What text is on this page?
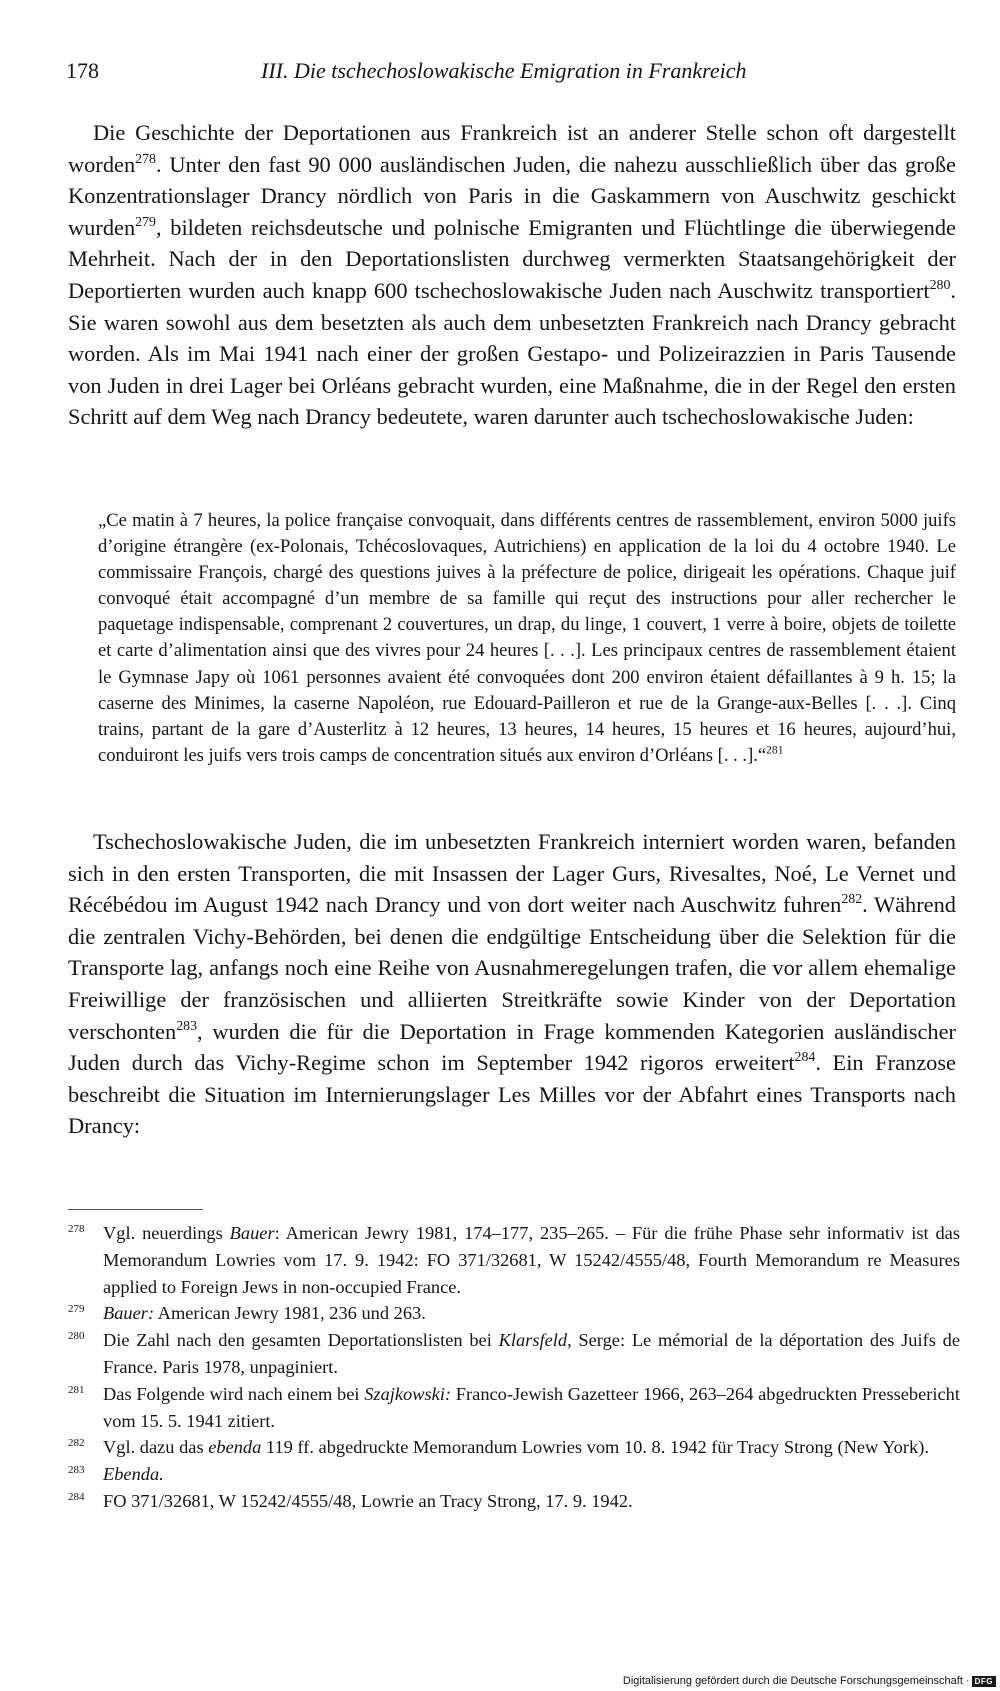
178	III. Die tschechoslowakische Emigration in Frankreich

Die Geschichte der Deportationen aus Frankreich ist an anderer Stelle schon oft dargestellt worden$^{278}$. Unter den fast 90 000 ausländischen Juden, die nahezu ausschließlich über das große Konzentrationslager Drancy nördlich von Paris in die Gaskammern von Auschwitz geschickt wurden$^{279}$, bildeten reichsdeutsche und polnische Emigranten und Flüchtlinge die überwiegende Mehrheit. Nach der in den Deportationslisten durchweg vermerkten Staatsangehörigkeit der Deportierten wurden auch knapp 600 tschechoslowakische Juden nach Auschwitz transportiert$^{280}$. Sie waren sowohl aus dem besetzten als auch dem unbesetzten Frankreich nach Drancy gebracht worden. Als im Mai 1941 nach einer der großen Gestapo- und Polizeirazzien in Paris Tausende von Juden in drei Lager bei Orléans gebracht wurden, eine Maßnahme, die in der Regel den ersten Schritt auf dem Weg nach Drancy bedeutete, waren darunter auch tschechoslowakische Juden:

„Ce matin à 7 heures, la police française convoquait, dans différents centres de rassemblement, environ 5000 juifs d’origine étrangère (ex-Polonais, Tchécoslovaques, Autrichiens) en application de la loi du 4 octobre 1940. Le commissaire François, chargé des questions juives à la préfecture de police, dirigeait les opérations. Chaque juif convoqué était accompagné d’un membre de sa famille qui reçut des instructions pour aller rechercher le paquetage indispensable, comprenant 2 couvertures, un drap, du linge, 1 couvert, 1 verre à boire, objets de toilette et carte d’alimentation ainsi que des vivres pour 24 heures [. . .]. Les principaux centres de rassemblement étaient le Gymnase Japy où 1061 personnes avaient été convoquées dont 200 environ étaient défaillantes à 9 h. 15; la caserne des Minimes, la caserne Napoléon, rue Edouard-Pailleron et rue de la Grange-aux-Belles [. . .]. Cinq trains, partant de la gare d’Austerlitz à 12 heures, 13 heures, 14 heures, 15 heures et 16 heures, aujourd’hui, conduiront les juifs vers trois camps de concentration situés aux environ d’Orléans [. . .].“$^{281}$

Tschechoslowakische Juden, die im unbesetzten Frankreich interniert worden waren, befanden sich in den ersten Transporten, die mit Insassen der Lager Gurs, Rivesaltes, Noé, Le Vernet und Récébédou im August 1942 nach Drancy und von dort weiter nach Auschwitz fuhren$^{282}$. Während die zentralen Vichy-Behörden, bei denen die endgültige Entscheidung über die Selektion für die Transporte lag, anfangs noch eine Reihe von Ausnahmeregelungen trafen, die vor allem ehemalige Freiwillige der französischen und alliierten Streitkräfte sowie Kinder von der Deportation verschonten$^{283}$, wurden die für die Deportation in Frage kommenden Kategorien ausländischer Juden durch das Vichy-Regime schon im September 1942 rigoros erweitert$^{284}$. Ein Franzose beschreibt die Situation im Internierungslager Les Milles vor der Abfahrt eines Transports nach Drancy:

278 Vgl. neuerdings Bauer: American Jewry 1981, 174–177, 235–265. – Für die frühe Phase sehr informativ ist das Memorandum Lowries vom 17. 9. 1942: FO 371/32681, W 15242/4555/48, Fourth Memorandum re Measures applied to Foreign Jews in non-occupied France.
279 Bauer: American Jewry 1981, 236 und 263.
280 Die Zahl nach den gesamten Deportationslisten bei Klarsfeld, Serge: Le mémorial de la déportation des Juifs de France. Paris 1978, unpaginiert.
281 Das Folgende wird nach einem bei Szajkowski: Franco-Jewish Gazetteer 1966, 263–264 abgedruckten Pressebericht vom 15. 5. 1941 zitiert.
282 Vgl. dazu das ebenda 119 ff. abgedruckte Memorandum Lowries vom 10. 8. 1942 für Tracy Strong (New York).
283 Ebenda.
284 FO 371/32681, W 15242/4555/48, Lowrie an Tracy Strong, 17. 9. 1942.
Digitalisierung gefördert durch die Deutsche Forschungsgemeinschaft · DFG
